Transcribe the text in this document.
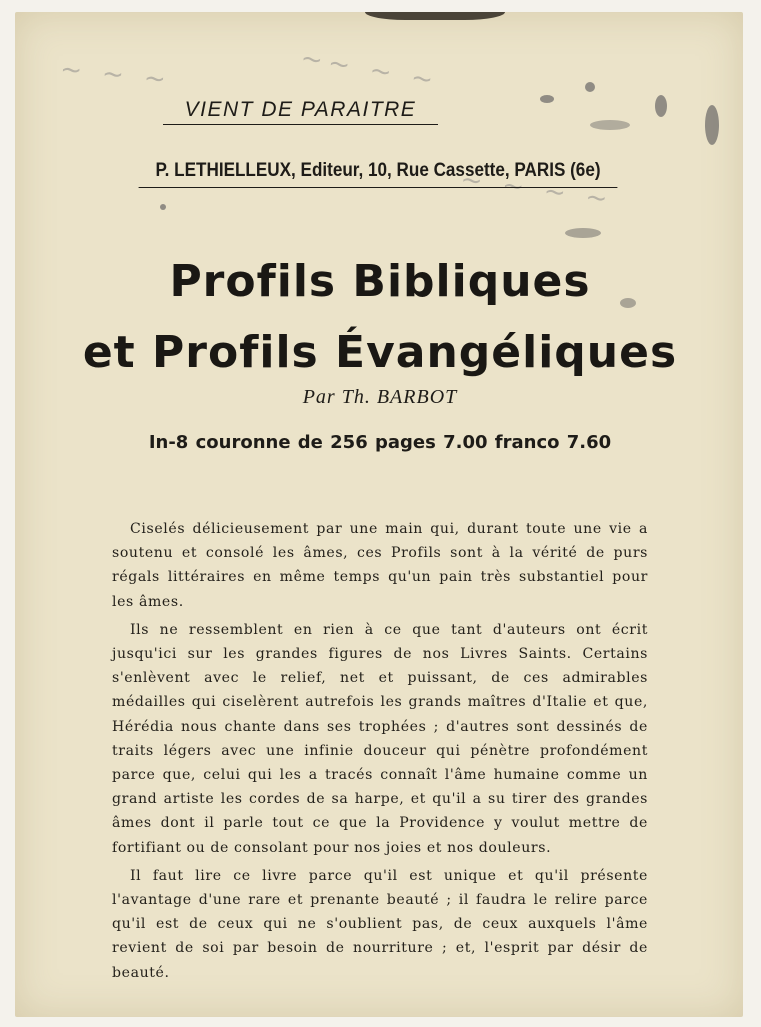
~ ~ ~	~~ ~ ~
~ ~ ~ ~
VIENT DE PARAITRE
P. LETHIELLEUX, Editeur, 10, Rue Cassette, PARIS (6e)
Profils Bibliques
et Profils Évangéliques
Par Th. BARBOT
In-8 couronne de 256 pages 7.00 franco 7.60

Ciselés délicieusement par une main qui, durant toute une vie a soutenu et consolé les âmes, ces Profils sont à la vérité de purs régals littéraires en même temps qu'un pain très substantiel pour les âmes.

Ils ne ressemblent en rien à ce que tant d'auteurs ont écrit jusqu'ici sur les grandes figures de nos Livres Saints. Certains s'enlèvent avec le relief, net et puissant, de ces admirables médailles qui ciselèrent autrefois les grands maîtres d'Italie et que, Hérédia nous chante dans ses trophées ; d'autres sont dessinés de traits légers avec une infinie douceur qui pénètre profondément parce que, celui qui les a tracés connaît l'âme humaine comme un grand artiste les cordes de sa harpe, et qu'il a su tirer des grandes âmes dont il parle tout ce que la Providence y voulut mettre de fortifiant ou de consolant pour nos joies et nos douleurs.

Il faut lire ce livre parce qu'il est unique et qu'il présente l'avantage d'une rare et prenante beauté ; il faudra le relire parce qu'il est de ceux qui ne s'oublient pas, de ceux auxquels l'âme revient de soi par besoin de nourriture ; et, l'esprit par désir de beauté.
